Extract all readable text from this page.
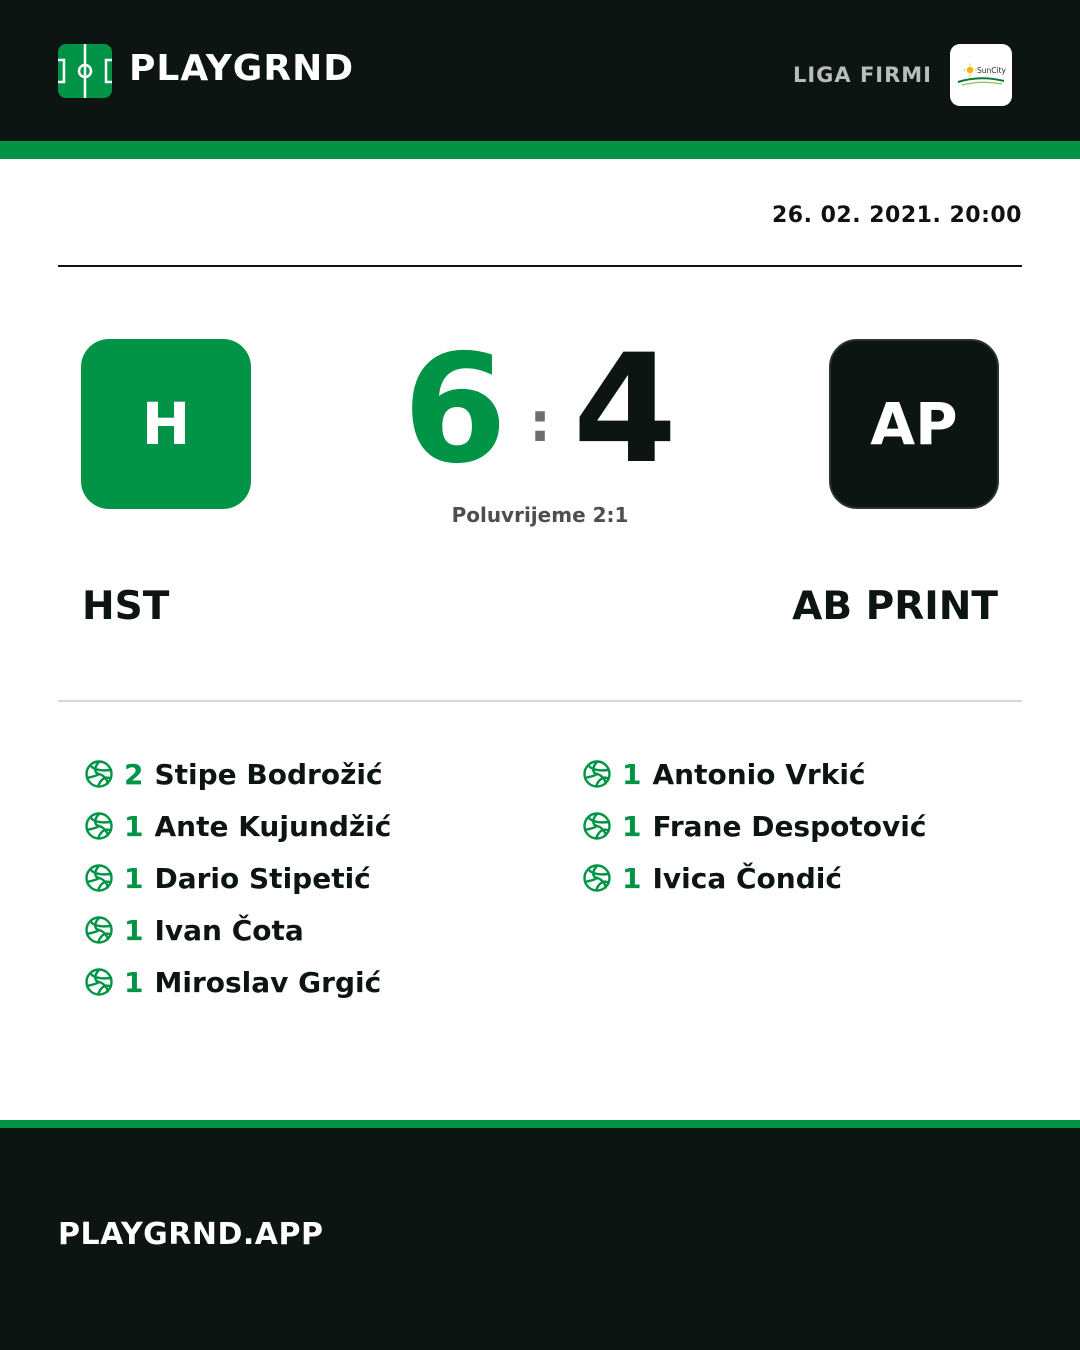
PLAYGRND	LIGA FIRMI	SunCity
26. 02. 2021. 20:00
H 6 : 4
Poluvrijeme 2:1
AP
HST	AB PRINT
2 Stipe Bodrožić
1 Ante Kujundžić
1 Dario Stipetić
1 Ivan Čota
1 Miroslav Grgić
1 Antonio Vrkić
1 Frane Despotović
1 Ivica Čondić
PLAYGRND.APP
